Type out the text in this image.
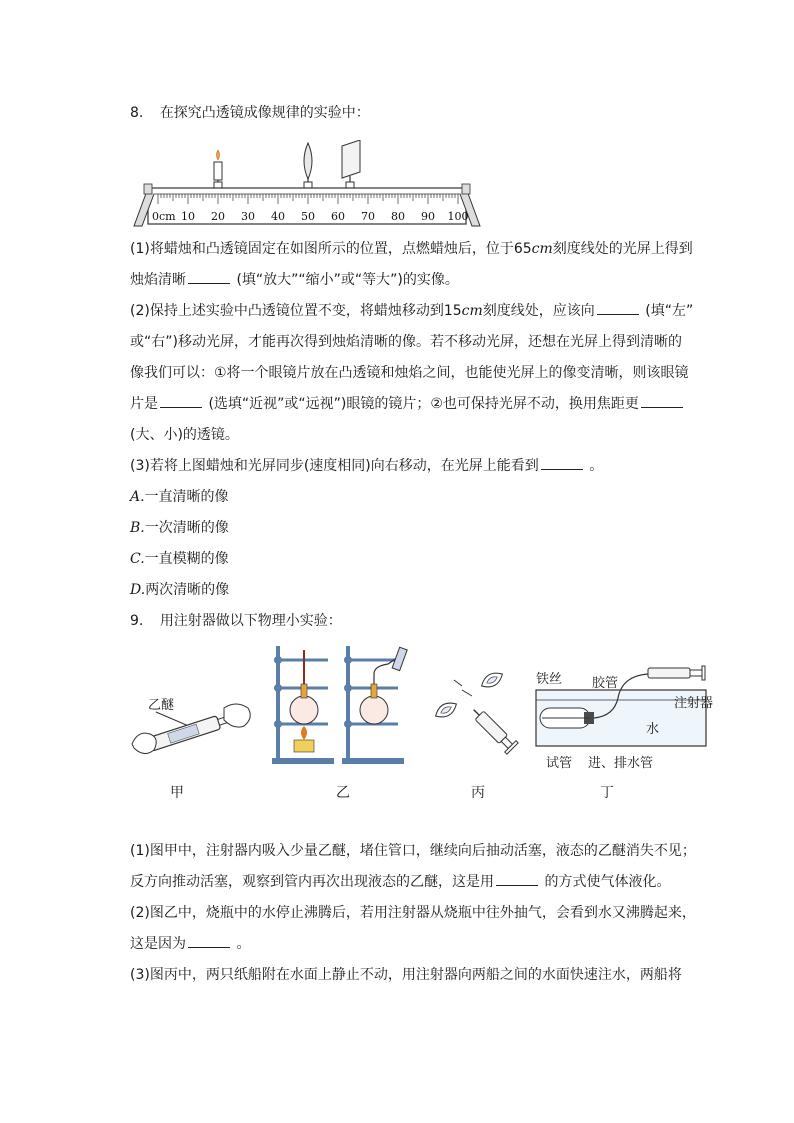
8. 在探究凸透镜成像规律的实验中：
0cm 10 20 30 40 50 60 70 80 90 100
(1)将蜡烛和凸透镜固定在如图所示的位置，点燃蜡烛后，位于65cm刻度线处的光屏上得到
烛焰清晰	(填“放大”“缩小”或“等大”)的实像。
(2)保持上述实验中凸透镜位置不变，将蜡烛移动到15cm刻度线处，应该向	(填“左”
或“右”)移动光屏，才能再次得到烛焰清晰的像。若不移动光屏，还想在光屏上得到清晰的
像我们可以：①将一个眼镜片放在凸透镜和烛焰之间，也能使光屏上的像变清晰，则该眼镜
片是	(选填“近视”或“远视”)眼镜的镜片；②也可保持光屏不动，换用焦距更
(大、小)的透镜。
(3)若将上图蜡烛和光屏同步(速度相同)向右移动，在光屏上能看到	。
A.一直清晰的像
B.一次清晰的像
C.一直模糊的像
D.两次清晰的像
9. 用注射器做以下物理小实验：
乙醚
铁丝 胶管
注射器
水
试管 进、排水管
甲	乙	丙	丁
(1)图甲中，注射器内吸入少量乙醚，堵住管口，继续向后抽动活塞，液态的乙醚消失不见；
反方向推动活塞，观察到管内再次出现液态的乙醚，这是用	的方式使气体液化。
(2)图乙中，烧瓶中的水停止沸腾后，若用注射器从烧瓶中往外抽气，会看到水又沸腾起来，
这是因为	。
(3)图丙中，两只纸船附在水面上静止不动，用注射器向两船之间的水面快速注水，两船将
